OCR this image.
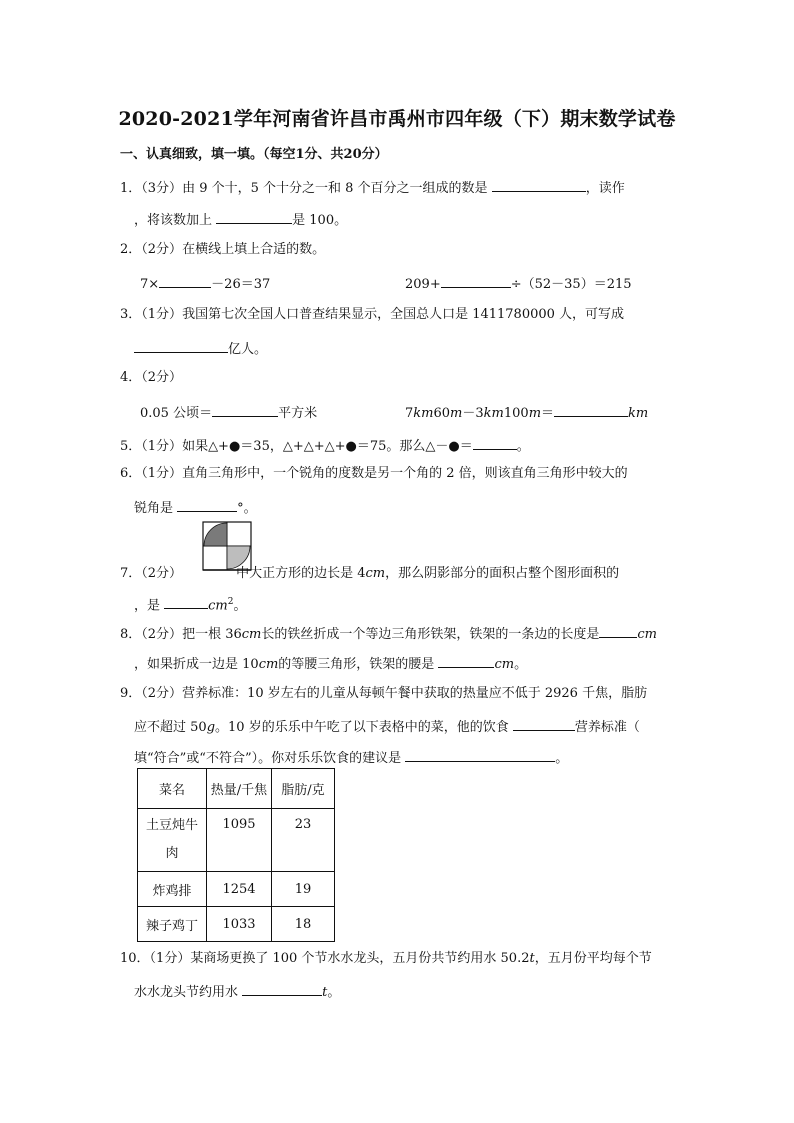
2020-2021学年河南省许昌市禹州市四年级（下）期末数学试卷
一、认真细致，填一填。（每空1分、共20分）
1．（3分）由 9 个十，5 个十分之一和 8 个百分之一组成的数是	，读作
，将该数加上	是 100。
2．（2分）在横线上填上合适的数。
7×	－26＝37	209+	÷（52－35）＝215
3．（1分）我国第七次全国人口普查结果显示，全国总人口是 1411780000 人，可写成
亿人。
4．（2分）
0.05 公顷＝	平方米	7km60m－3km100m＝	km
5．（1分）如果△+●＝35，△+△+△+●＝75。那么△－●＝	。
6．（1分）直角三角形中，一个锐角的度数是另一个角的 2 倍，则该直角三角形中较大的
锐角是	°。
7．（2分）	中大正方形的边长是 4cm，那么阴影部分的面积占整个图形面积的
，是	$cm^2$。
8．（2分）把一根 36cm长的铁丝折成一个等边三角形铁架，铁架的一条边的长度是	cm
，如果折成一边是 10cm的等腰三角形，铁架的腰是	cm。
9．（2分）营养标准：10 岁左右的儿童从每顿午餐中获取的热量应不低于 2926 千焦，脂肪
应不超过 50g。10 岁的乐乐中午吃了以下表格中的菜，他的饮食	营养标准（
填“符合”或“不符合”）。你对乐乐饮食的建议是	。
菜名	热量/千焦	脂肪/克
土豆炖牛
肉	1095	23
炸鸡排	1254	19
辣子鸡丁	1033	18
10．（1分）某商场更换了 100 个节水水龙头，五月份共节约用水 50.2t，五月份平均每个节
水水龙头节约用水	t。
